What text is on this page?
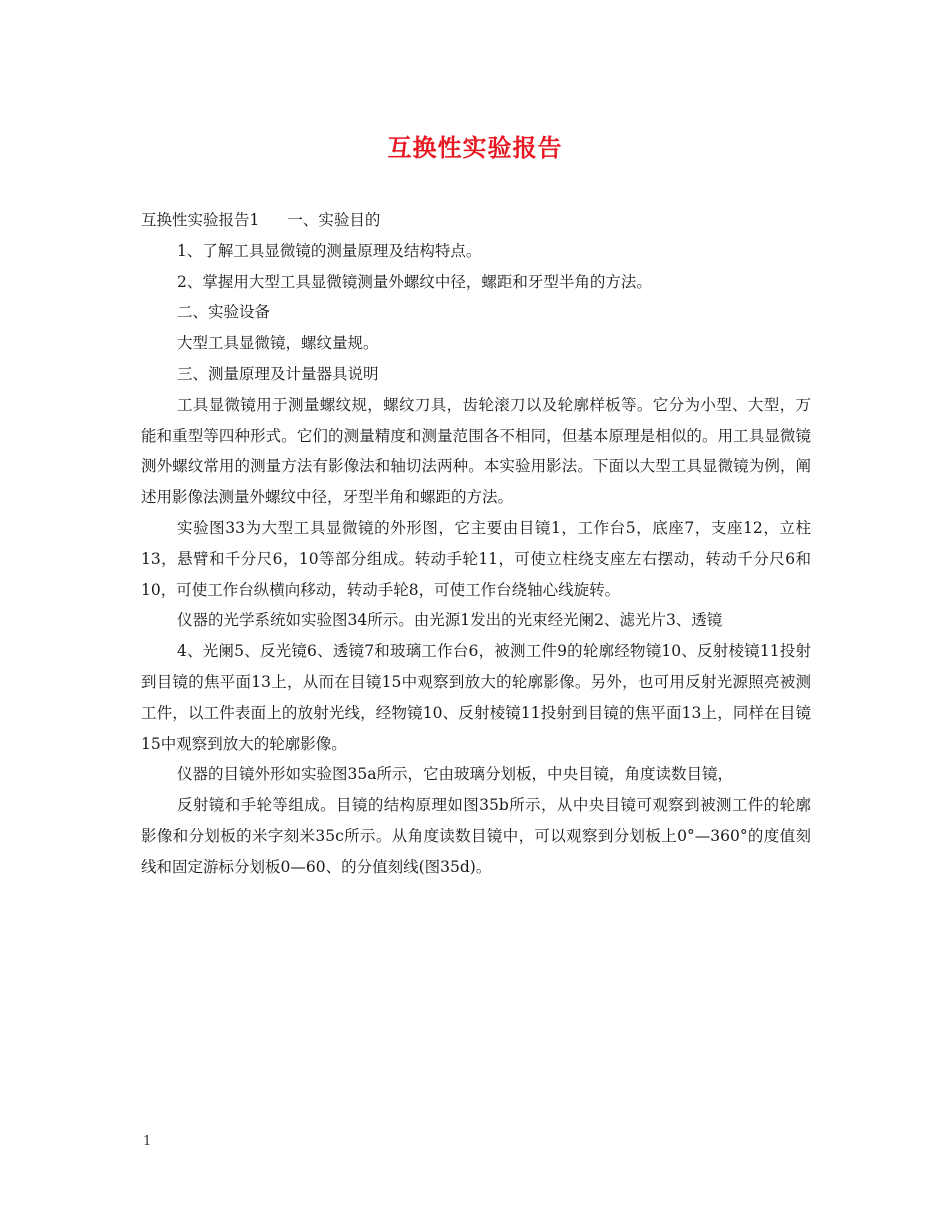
互换性实验报告

互换性实验报告1 一、实验目的

1、了解工具显微镜的测量原理及结构特点。

2、掌握用大型工具显微镜测量外螺纹中径，螺距和牙型半角的方法。

二、实验设备

大型工具显微镜，螺纹量规。

三、测量原理及计量器具说明

工具显微镜用于测量螺纹规，螺纹刀具，齿轮滚刀以及轮廓样板等。它分为小型、大型，万能和重型等四种形式。它们的测量精度和测量范围各不相同，但基本原理是相似的。用工具显微镜测外螺纹常用的测量方法有影像法和轴切法两种。本实验用影法。下面以大型工具显微镜为例，阐述用影像法测量外螺纹中径，牙型半角和螺距的方法。

实验图33为大型工具显微镜的外形图，它主要由目镜1，工作台5，底座7，支座12，立柱13，悬臂和千分尺6，10等部分组成。转动手轮11，可使立柱绕支座左右摆动，转动千分尺6和10，可使工作台纵横向移动，转动手轮8，可使工作台绕轴心线旋转。

仪器的光学系统如实验图34所示。由光源1发出的光束经光阑2、滤光片3、透镜

4、光阑5、反光镜6、透镜7和玻璃工作台6，被测工件9的轮廓经物镜10、反射棱镜11投射到目镜的焦平面13上，从而在目镜15中观察到放大的轮廓影像。另外，也可用反射光源照亮被测工件，以工件表面上的放射光线，经物镜10、反射棱镜11投射到目镜的焦平面13上，同样在目镜15中观察到放大的轮廓影像。

仪器的目镜外形如实验图35a所示，它由玻璃分划板，中央目镜，角度读数目镜，

反射镜和手轮等组成。目镜的结构原理如图35b所示，从中央目镜可观察到被测工件的轮廓影像和分划板的米字刻米35c所示。从角度读数目镜中，可以观察到分划板上0°—360°的度值刻线和固定游标分划板0—60、的分值刻线(图35d)。

1
